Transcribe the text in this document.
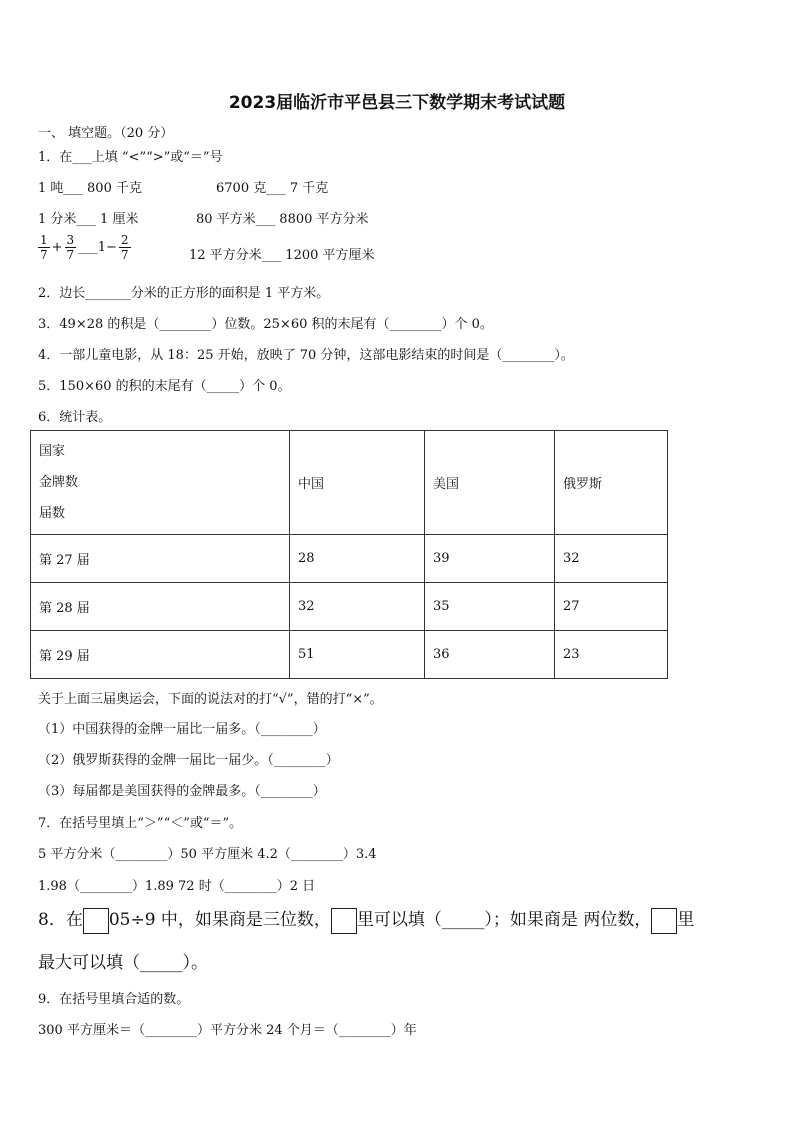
2023届临沂市平邑县三下数学期末考试试题
一、 填空题。（20 分）
1．在___上填 “<”“>”或“＝”号
1 吨___ 800 千克	6700 克___ 7 千克
1 分米___ 1 厘米	80 平方米___ 8800 平方分米
$\frac{1}{7} + \frac{3}{7}$ ___1− $\frac{2}{7}$	12 平方分米___ 1200 平方厘米
2．边长_______分米的正方形的面积是 1 平方米。
3．49×28 的积是（________）位数。25×60 积的末尾有（________）个 0。
4．一部儿童电影，从 18：25 开始，放映了 70 分钟，这部电影结束的时间是（________）。
5．150×60 的积的末尾有（_____）个 0。
6．统计表。
国家
金牌数
届数	中国	美国	俄罗斯
第 27 届	28	39	32
第 28 届	32	35	27
第 29 届	51	36	23
关于上面三届奥运会，下面的说法对的打“√”，错的打“×”。
（1）中国获得的金牌一届比一届多。（________）
（2）俄罗斯获得的金牌一届比一届少。（________）
（3）每届都是美国获得的金牌最多。（________）
7．在括号里填上“＞”“＜”或“＝”。
5 平方分米（________）50 平方厘米 4.2（________）3.4
1.98（________）1.89 72 时（________）2 日
8．在 05÷9 中，如果商是三位数， 里可以填（_____）；如果商是 两位数， 里
最大可以填（_____）。
9．在括号里填合适的数。
300 平方厘米＝（________）平方分米 24 个月＝（________）年
